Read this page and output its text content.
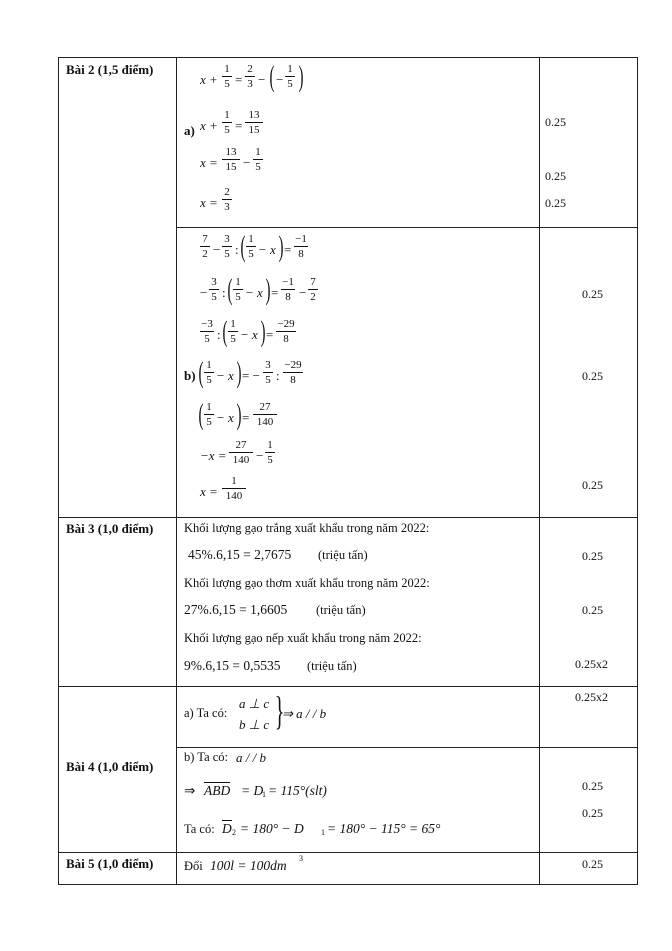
Bài 2 (1,5 điểm)
x +
1
5 =
2
3 − ( −
1
5 )
a) x +
1
5 =
13
15
x =
13
15 −
1
5
x =
2
3
0.25
0.25
0.25
7
2 −
3
5 : ( 1
5 − x ) =
−1
8
−
3
5 : ( 1
5 − x ) =
−1
8 −
7
2
−3
5 : ( 1
5 − x ) =
−29
8
b) ( 1
5 − x ) = −
3
5 :
−29
8
( 1
5 − x ) =
27
140
−x =
27
140 −
1
5
x =
1
140
0.25
0.25
0.25
Bài 3 (1,0 điểm) Khối lượng gạo trắng xuất khẩu trong năm 2022:
45%.6,15 = 2,7675 (triệu tấn)
Khối lượng gạo thơm xuất khẩu trong năm 2022:
27%.6,15 = 1,6605 (triệu tấn)
Khối lượng gạo nếp xuất khẩu trong năm 2022:
9%.6,15 = 0,5535 (triệu tấn)
0.25
0.25
0.25x2
Bài 4 (1,0 điểm)
a) Ta có:
a ⊥ c
b ⊥ c }
⇒ a / / b
0.25x2
b) Ta có: a / / b
⇒ ABD = D
1 = 115°(slt)
Ta có: D 2 = 180° − D 1 = 180° − 115° = 65°
0.25
0.25
Bài 5 (1,0 điểm) Đổi 100l = 100dm 3	0.25
